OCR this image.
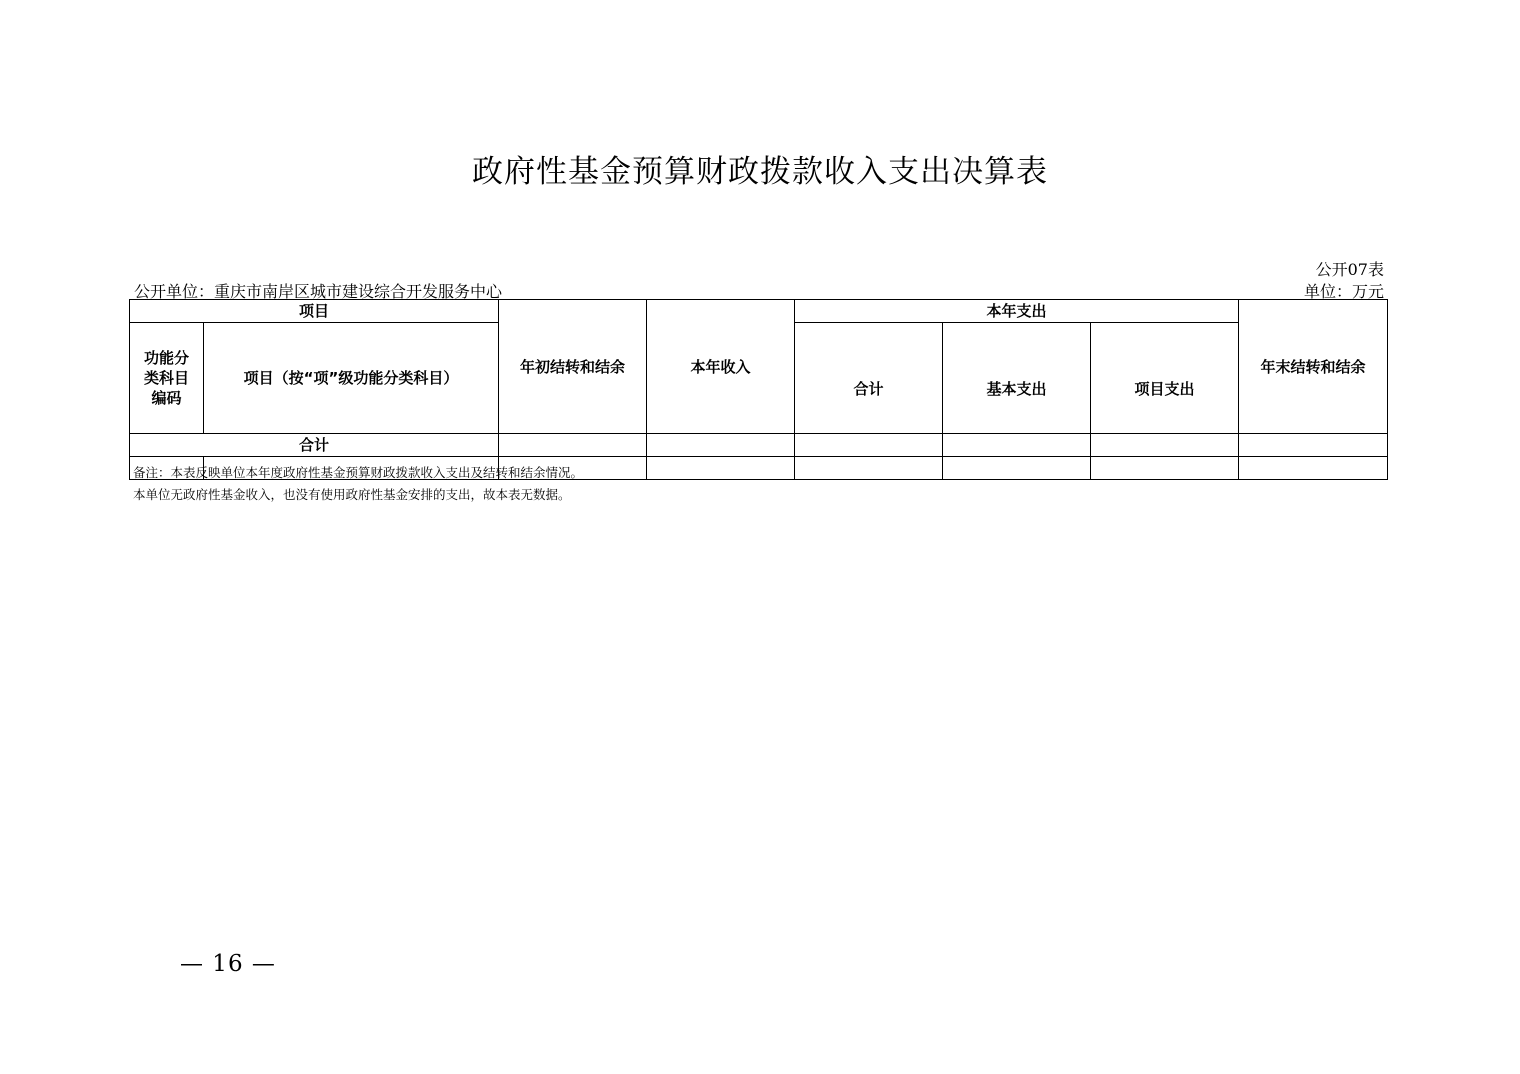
政府性基金预算财政拨款收入支出决算表
公开07表
公开单位：重庆市南岸区城市建设综合开发服务中心	单位：万元
项目		年初结转和结余	本年收入	本年支出			年末结转和结余

功能分
类科目
编码	项目（按“项”级功能分类科目）			合计	基本支出	项目支出	
合计							

备注：本表反映单位本年度政府性基金预算财政拨款收入支出及结转和结余情况。
本单位无政府性基金收入，也没有使用政府性基金安排的支出，故本表无数据。
— 16 —
